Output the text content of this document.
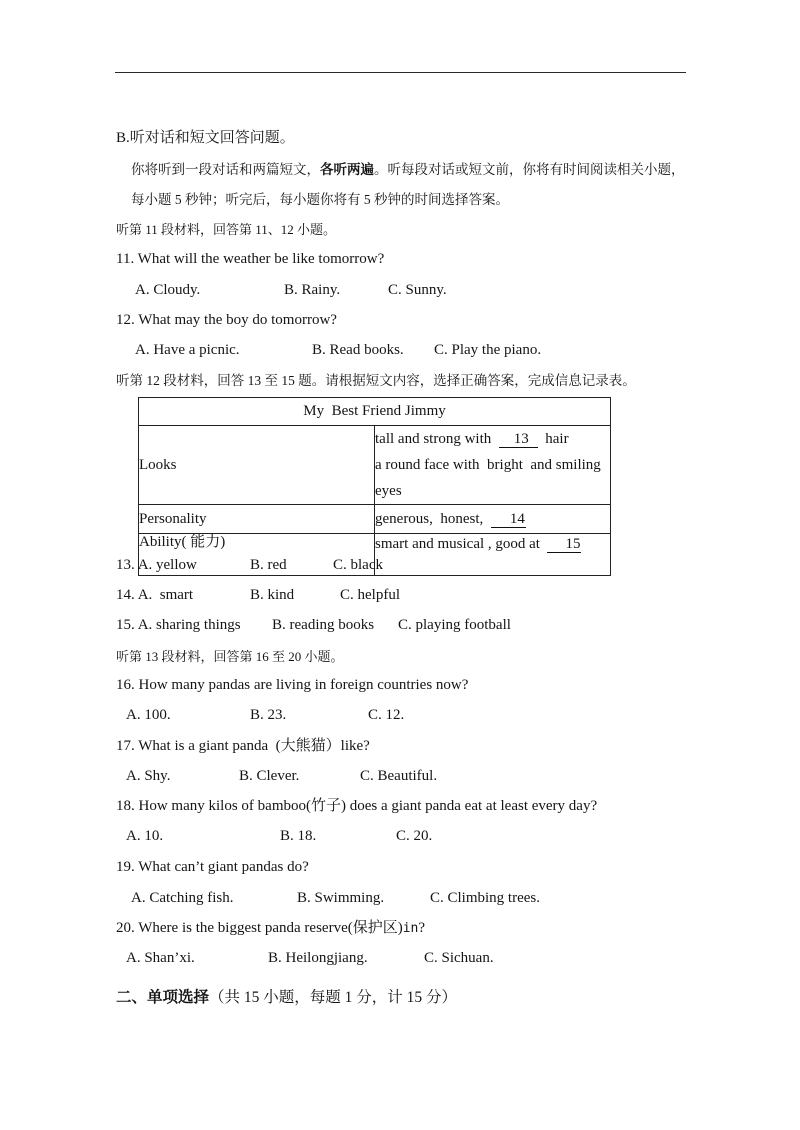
B.听对话和短文回答问题。
你将听到一段对话和两篇短文，各听两遍。听每段对话或短文前，你将有时间阅读相关小题，
每小题 5 秒钟；听完后，每小题你将有 5 秒钟的时间选择答案。
听第 11 段材料，回答第 11、12 小题。
11. What will the weather be like tomorrow?
A. Cloudy.	B. Rainy.	C. Sunny.
12. What may the boy do tomorrow?
A. Have a picnic.	B. Read books. C. Play the piano.
听第 12 段材料，回答 13 至 15 题。请根据短文内容，选择正确答案，完成信息记录表。
My  Best Friend Jimmy	
Looks	tall and strong with  13  hair
a round face with  bright  and smiling eyes

Personality	generous,  honest,  14
Ability( 能力)	smart and musical , good at  15
13. A. yellow	B. red	C. black
14. A.  smart	B. kind	C. helpful
15. A. sharing things B. reading books C. playing football
听第 13 段材料，回答第 16 至 20 小题。
16. How many pandas are living in foreign countries now?
A. 100.	B. 23.	C. 12.
17. What is a giant panda  (大熊猫）like?
A. Shy.	B. Clever.	C. Beautiful.
18. How many kilos of bamboo(竹子) does a giant panda eat at least every day?
A. 10.	B. 18.	C. 20.
19. What can’t giant pandas do?
A. Catching fish.	B. Swimming.	C. Climbing trees.
20. Where is the biggest panda reserve(保护区)in?
A. Shan’xi.	B. Heilongjiang.	C. Sichuan.
二、单项选择（共 15 小题，每题 1 分，计 15 分）
